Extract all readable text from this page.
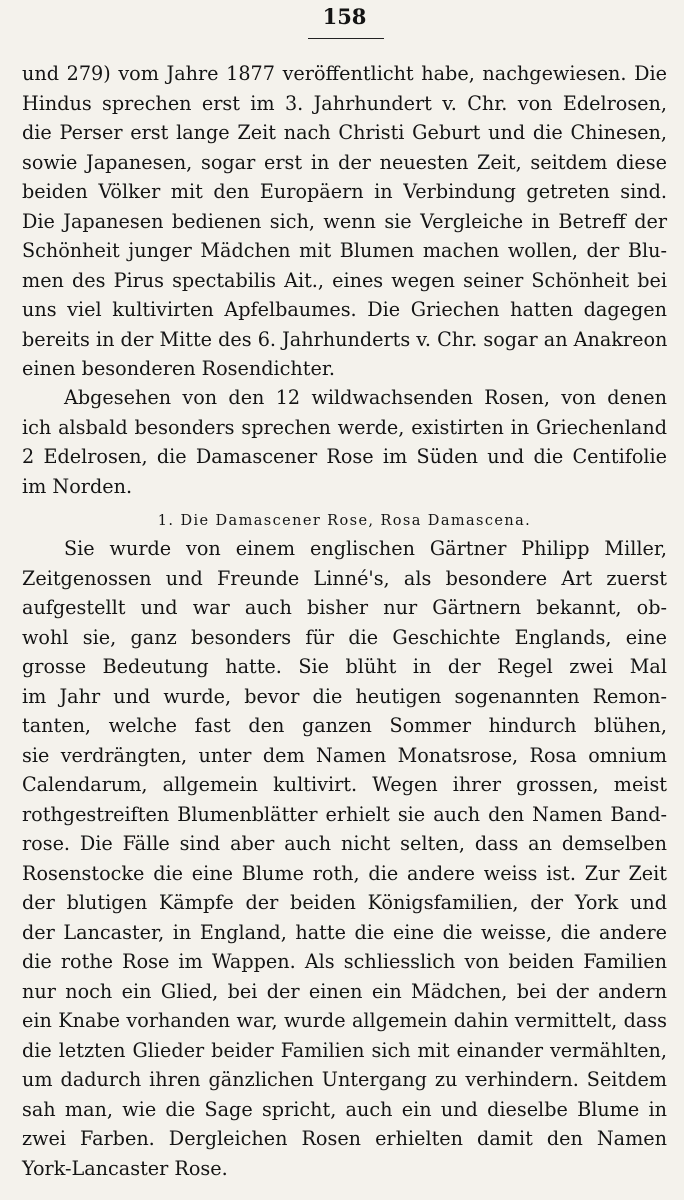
158
und 279) vom Jahre 1877 veröffentlicht habe, nachgewiesen. Die
Hindus sprechen erst im 3. Jahrhundert v. Chr. von Edelrosen,
die Perser erst lange Zeit nach Christi Geburt und die Chinesen,
sowie Japanesen, sogar erst in der neuesten Zeit, seitdem diese
beiden Völker mit den Europäern in Verbindung getreten sind.
Die Japanesen bedienen sich, wenn sie Vergleiche in Betreff der
Schönheit junger Mädchen mit Blumen machen wollen, der Blu-
men des Pirus spectabilis Ait., eines wegen seiner Schönheit bei
uns viel kultivirten Apfelbaumes. Die Griechen hatten dagegen
bereits in der Mitte des 6. Jahrhunderts v. Chr. sogar an Anakreon
einen besonderen Rosendichter.
Abgesehen von den 12 wildwachsenden Rosen, von denen
ich alsbald besonders sprechen werde, existirten in Griechenland
2 Edelrosen, die Damascener Rose im Süden und die Centifolie
im Norden.
1. Die Damascener Rose, Rosa Damascena.
Sie wurde von einem englischen Gärtner Philipp Miller,
Zeitgenossen und Freunde Linné's, als besondere Art zuerst
aufgestellt und war auch bisher nur Gärtnern bekannt, ob-
wohl sie, ganz besonders für die Geschichte Englands, eine
grosse Bedeutung hatte. Sie blüht in der Regel zwei Mal
im Jahr und wurde, bevor die heutigen sogenannten Remon-
tanten, welche fast den ganzen Sommer hindurch blühen,
sie verdrängten, unter dem Namen Monatsrose, Rosa omnium
Calendarum, allgemein kultivirt. Wegen ihrer grossen, meist
rothgestreiften Blumenblätter erhielt sie auch den Namen Band-
rose. Die Fälle sind aber auch nicht selten, dass an demselben
Rosenstocke die eine Blume roth, die andere weiss ist. Zur Zeit
der blutigen Kämpfe der beiden Königsfamilien, der York und
der Lancaster, in England, hatte die eine die weisse, die andere
die rothe Rose im Wappen. Als schliesslich von beiden Familien
nur noch ein Glied, bei der einen ein Mädchen, bei der andern
ein Knabe vorhanden war, wurde allgemein dahin vermittelt, dass
die letzten Glieder beider Familien sich mit einander vermählten,
um dadurch ihren gänzlichen Untergang zu verhindern. Seitdem
sah man, wie die Sage spricht, auch ein und dieselbe Blume in
zwei Farben. Dergleichen Rosen erhielten damit den Namen
York-Lancaster Rose.
